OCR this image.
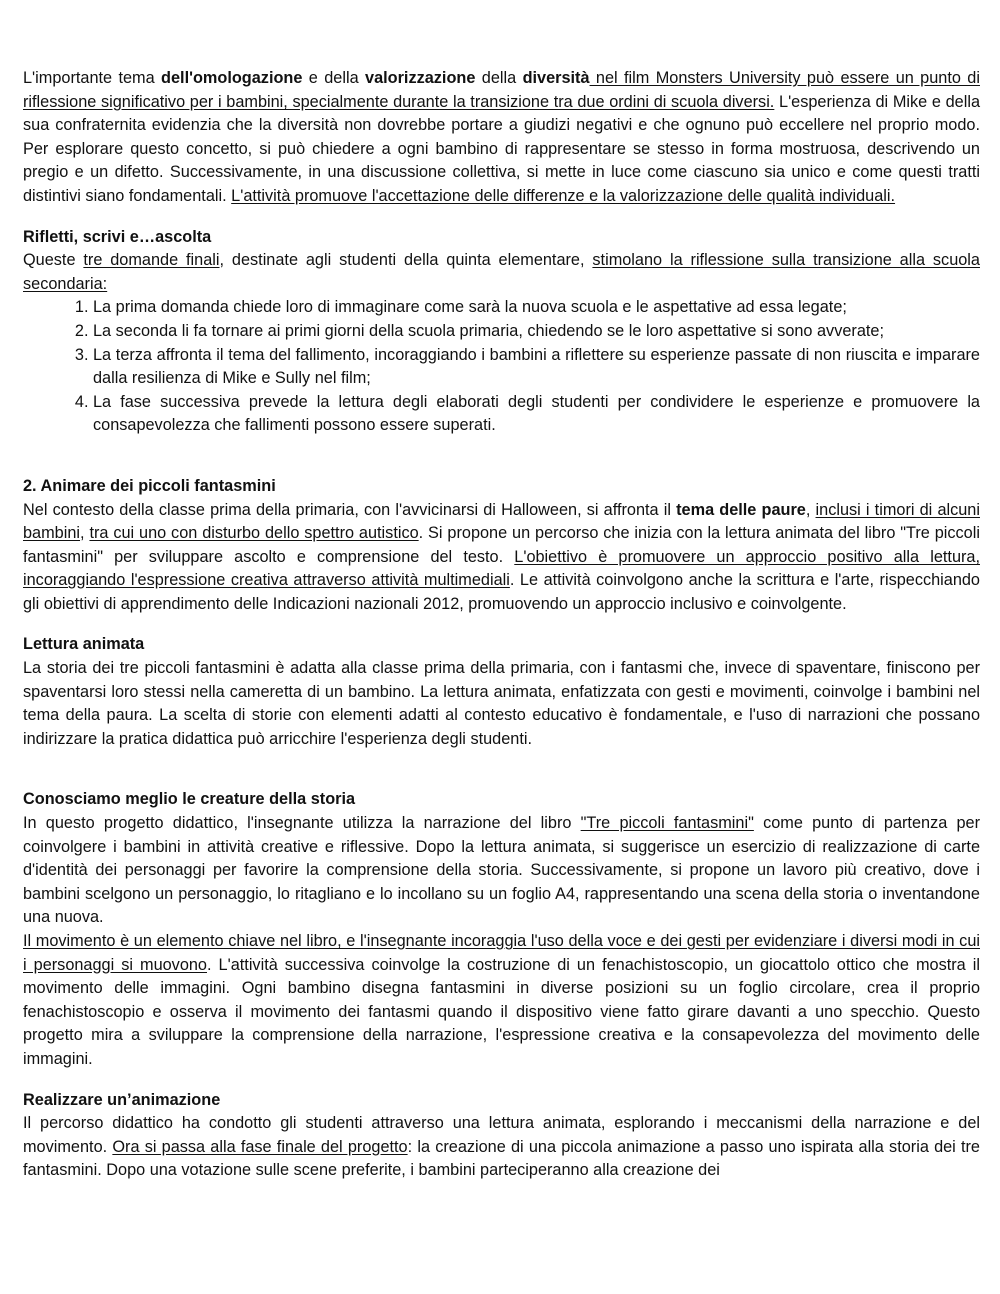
L'importante tema dell'omologazione e della valorizzazione della diversità nel film Monsters University può essere un punto di riflessione significativo per i bambini, specialmente durante la transizione tra due ordini di scuola diversi. L'esperienza di Mike e della sua confraternita evidenzia che la diversità non dovrebbe portare a giudizi negativi e che ognuno può eccellere nel proprio modo. Per esplorare questo concetto, si può chiedere a ogni bambino di rappresentare se stesso in forma mostruosa, descrivendo un pregio e un difetto. Successivamente, in una discussione collettiva, si mette in luce come ciascuno sia unico e come questi tratti distintivi siano fondamentali. L'attività promuove l'accettazione delle differenze e la valorizzazione delle qualità individuali.

Rifletti, scrivi e…ascolta

Queste tre domande finali, destinate agli studenti della quinta elementare, stimolano la riflessione sulla transizione alla scuola secondaria:

1. La prima domanda chiede loro di immaginare come sarà la nuova scuola e le aspettative ad essa legate;
2. La seconda li fa tornare ai primi giorni della scuola primaria, chiedendo se le loro aspettative si sono avverate;
3. La terza affronta il tema del fallimento, incoraggiando i bambini a riflettere su esperienze passate di non riuscita e imparare dalla resilienza di Mike e Sully nel film;
4. La fase successiva prevede la lettura degli elaborati degli studenti per condividere le esperienze e promuovere la consapevolezza che fallimenti possono essere superati.

2. Animare dei piccoli fantasmini

Nel contesto della classe prima della primaria, con l'avvicinarsi di Halloween, si affronta il tema delle paure, inclusi i timori di alcuni bambini, tra cui uno con disturbo dello spettro autistico. Si propone un percorso che inizia con la lettura animata del libro "Tre piccoli fantasmini" per sviluppare ascolto e comprensione del testo. L'obiettivo è promuovere un approccio positivo alla lettura, incoraggiando l'espressione creativa attraverso attività multimediali. Le attività coinvolgono anche la scrittura e l'arte, rispecchiando gli obiettivi di apprendimento delle Indicazioni nazionali 2012, promuovendo un approccio inclusivo e coinvolgente.

Lettura animata

La storia dei tre piccoli fantasmini è adatta alla classe prima della primaria, con i fantasmi che, invece di spaventare, finiscono per spaventarsi loro stessi nella cameretta di un bambino. La lettura animata, enfatizzata con gesti e movimenti, coinvolge i bambini nel tema della paura. La scelta di storie con elementi adatti al contesto educativo è fondamentale, e l'uso di narrazioni che possano indirizzare la pratica didattica può arricchire l'esperienza degli studenti.

Conosciamo meglio le creature della storia

In questo progetto didattico, l'insegnante utilizza la narrazione del libro "Tre piccoli fantasmini" come punto di partenza per coinvolgere i bambini in attività creative e riflessive. Dopo la lettura animata, si suggerisce un esercizio di realizzazione di carte d'identità dei personaggi per favorire la comprensione della storia. Successivamente, si propone un lavoro più creativo, dove i bambini scelgono un personaggio, lo ritagliano e lo incollano su un foglio A4, rappresentando una scena della storia o inventandone una nuova.

Il movimento è un elemento chiave nel libro, e l'insegnante incoraggia l'uso della voce e dei gesti per evidenziare i diversi modi in cui i personaggi si muovono. L'attività successiva coinvolge la costruzione di un fenachistoscopio, un giocattolo ottico che mostra il movimento delle immagini. Ogni bambino disegna fantasmini in diverse posizioni su un foglio circolare, crea il proprio fenachistoscopio e osserva il movimento dei fantasmi quando il dispositivo viene fatto girare davanti a uno specchio. Questo progetto mira a sviluppare la comprensione della narrazione, l'espressione creativa e la consapevolezza del movimento delle immagini.

Realizzare un’animazione

Il percorso didattico ha condotto gli studenti attraverso una lettura animata, esplorando i meccanismi della narrazione e del movimento. Ora si passa alla fase finale del progetto: la creazione di una piccola animazione a passo uno ispirata alla storia dei tre fantasmini. Dopo una votazione sulle scene preferite, i bambini parteciperanno alla creazione dei
